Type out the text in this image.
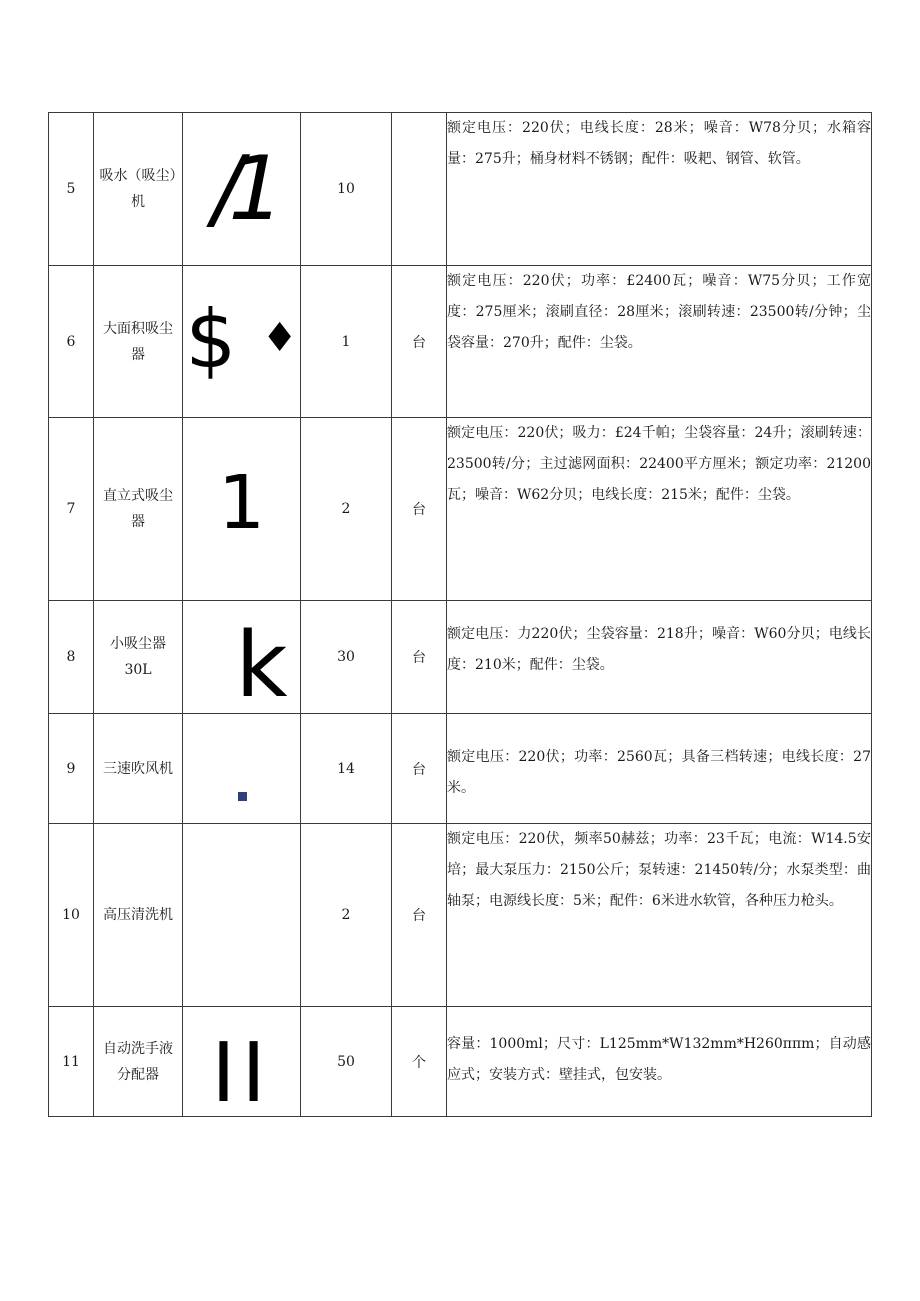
5	吸水（吸尘）机	/1	10		额定电压：220伏；电线长度：28米；噪音：W78分贝；水箱容量：275升；桶身材料不锈钢；配件：吸耙、钢管、软管。
6	大面积吸尘器	$ ♦	1	台	额定电压：220伏；功率：£2400瓦；噪音：W75分贝；工作宽度：275厘米；滚刷直径：28厘米；滚刷转速：23500转/分钟；尘袋容量：270升；配件：尘袋。
7	直立式吸尘器	1	2	台	额定电压：220伏；吸力：£24千帕；尘袋容量：24升；滚刷转速：23500转/分；主过滤网面积：22400平方厘米；额定功率：21200瓦；噪音：W62分贝；电线长度：215米；配件：尘袋。
8	小吸尘器30L	k	30	台	额定电压：力220伏；尘袋容量：218升；噪音：W60分贝；电线长度：210米；配件：尘袋。
9	三速吹风机		14	台	额定电压：220伏；功率：2560瓦；具备三档转速；电线长度：27米。
10	高压清洗机		2	台	额定电压：220伏，频率50赫兹；功率：23千瓦；电流：W14.5安培；最大泵压力：2150公斤；泵转速：21450转/分；水泵类型：曲轴泵；电源线长度：5米；配件：6米进水软管，各种压力枪头。
11	自动洗手液分配器	II	50	个	容量：1000ml；尺寸：L125mm*W132mm*H260ππm；自动感应式；安装方式：壁挂式，包安装。
